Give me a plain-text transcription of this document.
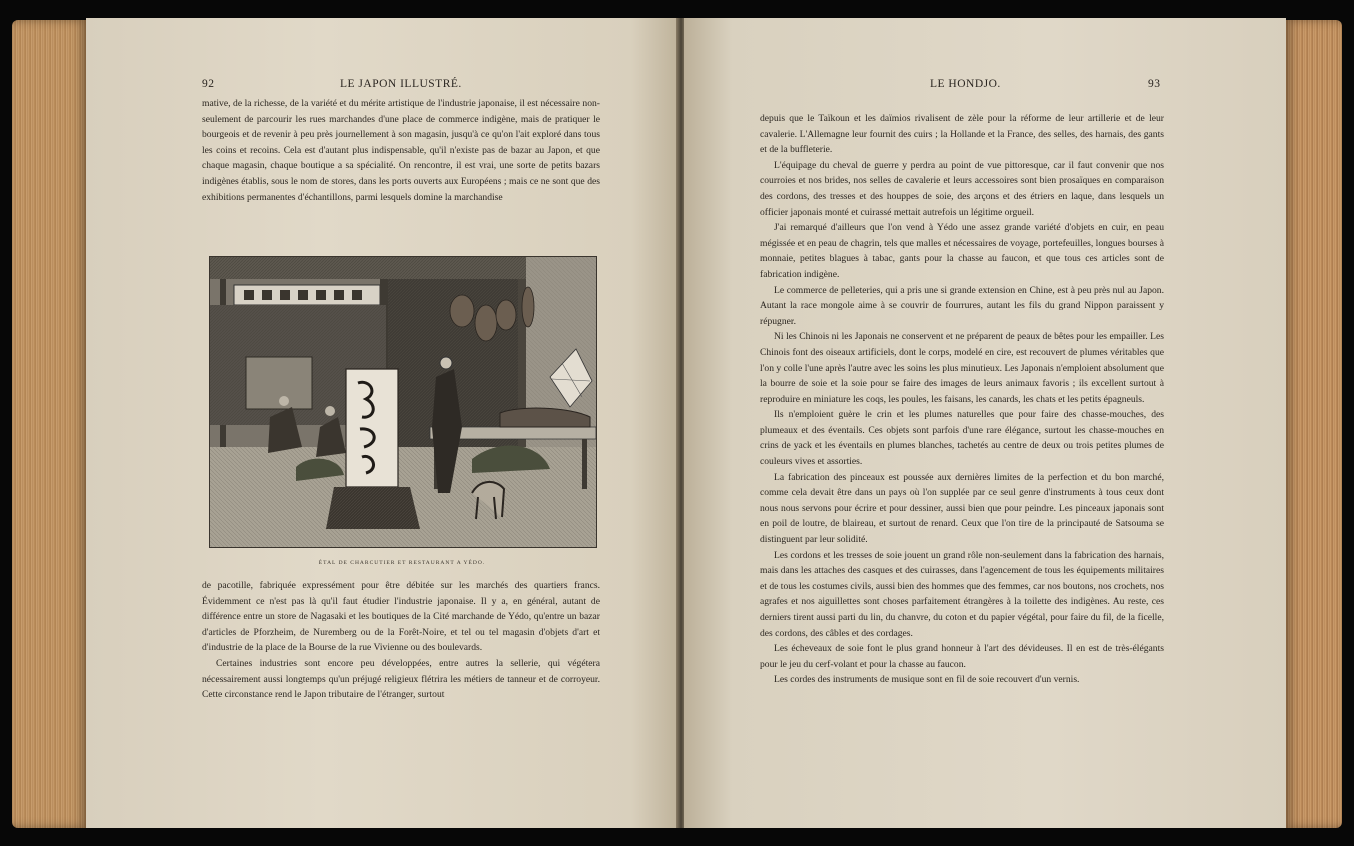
92	LE JAPON ILLUSTRÉ.

mative, de la richesse, de la variété et du mérite artistique de l'industrie japonaise, il est nécessaire non-seulement de parcourir les rues marchandes d'une place de commerce indigène, mais de pratiquer le bourgeois et de revenir à peu près journellement à son magasin, jusqu'à ce qu'on l'ait exploré dans tous les coins et recoins. Cela est d'autant plus indispensable, qu'il n'existe pas de bazar au Japon, et que chaque magasin, chaque boutique a sa spécialité. On rencontre, il est vrai, une sorte de petits bazars indigènes établis, sous le nom de stores, dans les ports ouverts aux Européens ; mais ce ne sont que des exhibitions permanentes d'échantillons, parmi lesquels domine la marchandise

ÉTAL DE CHARCUTIER ET RESTAURANT A YÉDO.

de pacotille, fabriquée expressément pour être débitée sur les marchés des quartiers francs. Évidemment ce n'est pas là qu'il faut étudier l'industrie japonaise. Il y a, en général, autant de différence entre un store de Nagasaki et les boutiques de la Cité marchande de Yédo, qu'entre un bazar d'articles de Pforzheim, de Nuremberg ou de la Forêt-Noire, et tel ou tel magasin d'objets d'art et d'industrie de la place de la Bourse de la rue Vivienne ou des boulevards.

Certaines industries sont encore peu développées, entre autres la sellerie, qui végétera nécessairement aussi longtemps qu'un préjugé religieux flétrira les métiers de tanneur et de corroyeur. Cette circonstance rend le Japon tributaire de l'étranger, surtout

LE HONDJO.	93

depuis que le Taïkoun et les daïmios rivalisent de zèle pour la réforme de leur artillerie et de leur cavalerie. L'Allemagne leur fournit des cuirs ; la Hollande et la France, des selles, des harnais, des gants et de la buffleterie.

L'équipage du cheval de guerre y perdra au point de vue pittoresque, car il faut convenir que nos courroies et nos brides, nos selles de cavalerie et leurs accessoires sont bien prosaïques en comparaison des cordons, des tresses et des houppes de soie, des arçons et des étriers en laque, dans lesquels un officier japonais monté et cuirassé mettait autrefois un légitime orgueil.

J'ai remarqué d'ailleurs que l'on vend à Yédo une assez grande variété d'objets en cuir, en peau mégissée et en peau de chagrin, tels que malles et nécessaires de voyage, portefeuilles, longues bourses à monnaie, petites blagues à tabac, gants pour la chasse au faucon, et que tous ces articles sont de fabrication indigène.

Le commerce de pelleteries, qui a pris une si grande extension en Chine, est à peu près nul au Japon. Autant la race mongole aime à se couvrir de fourrures, autant les fils du grand Nippon paraissent y répugner.

Ni les Chinois ni les Japonais ne conservent et ne préparent de peaux de bêtes pour les empailler. Les Chinois font des oiseaux artificiels, dont le corps, modelé en cire, est recouvert de plumes véritables que l'on y colle l'une après l'autre avec les soins les plus minutieux. Les Japonais n'emploient absolument que la bourre de soie et la soie pour se faire des images de leurs animaux favoris ; ils excellent surtout à reproduire en miniature les coqs, les poules, les faisans, les canards, les chats et les petits épagneuls.

Ils n'emploient guère le crin et les plumes naturelles que pour faire des chasse-mouches, des plumeaux et des éventails. Ces objets sont parfois d'une rare élégance, surtout les chasse-mouches en crins de yack et les éventails en plumes blanches, tachetés au centre de deux ou trois petites plumes de couleurs vives et assorties.

La fabrication des pinceaux est poussée aux dernières limites de la perfection et du bon marché, comme cela devait être dans un pays où l'on supplée par ce seul genre d'instruments à tous ceux dont nous nous servons pour écrire et pour dessiner, aussi bien que pour peindre. Les pinceaux japonais sont en poil de loutre, de blaireau, et surtout de renard. Ceux que l'on tire de la principauté de Satsouma se distinguent par leur solidité.

Les cordons et les tresses de soie jouent un grand rôle non-seulement dans la fabrication des harnais, mais dans les attaches des casques et des cuirasses, dans l'agencement de tous les équipements militaires et de tous les costumes civils, aussi bien des hommes que des femmes, car nos boutons, nos crochets, nos agrafes et nos aiguillettes sont choses parfaitement étrangères à la toilette des indigènes. Au reste, ces derniers tirent aussi parti du lin, du chanvre, du coton et du papier végétal, pour faire du fil, de la ficelle, des cordons, des câbles et des cordages.

Les écheveaux de soie font le plus grand honneur à l'art des dévideuses. Il en est de très-élégants pour le jeu du cerf-volant et pour la chasse au faucon.

Les cordes des instruments de musique sont en fil de soie recouvert d'un vernis.
